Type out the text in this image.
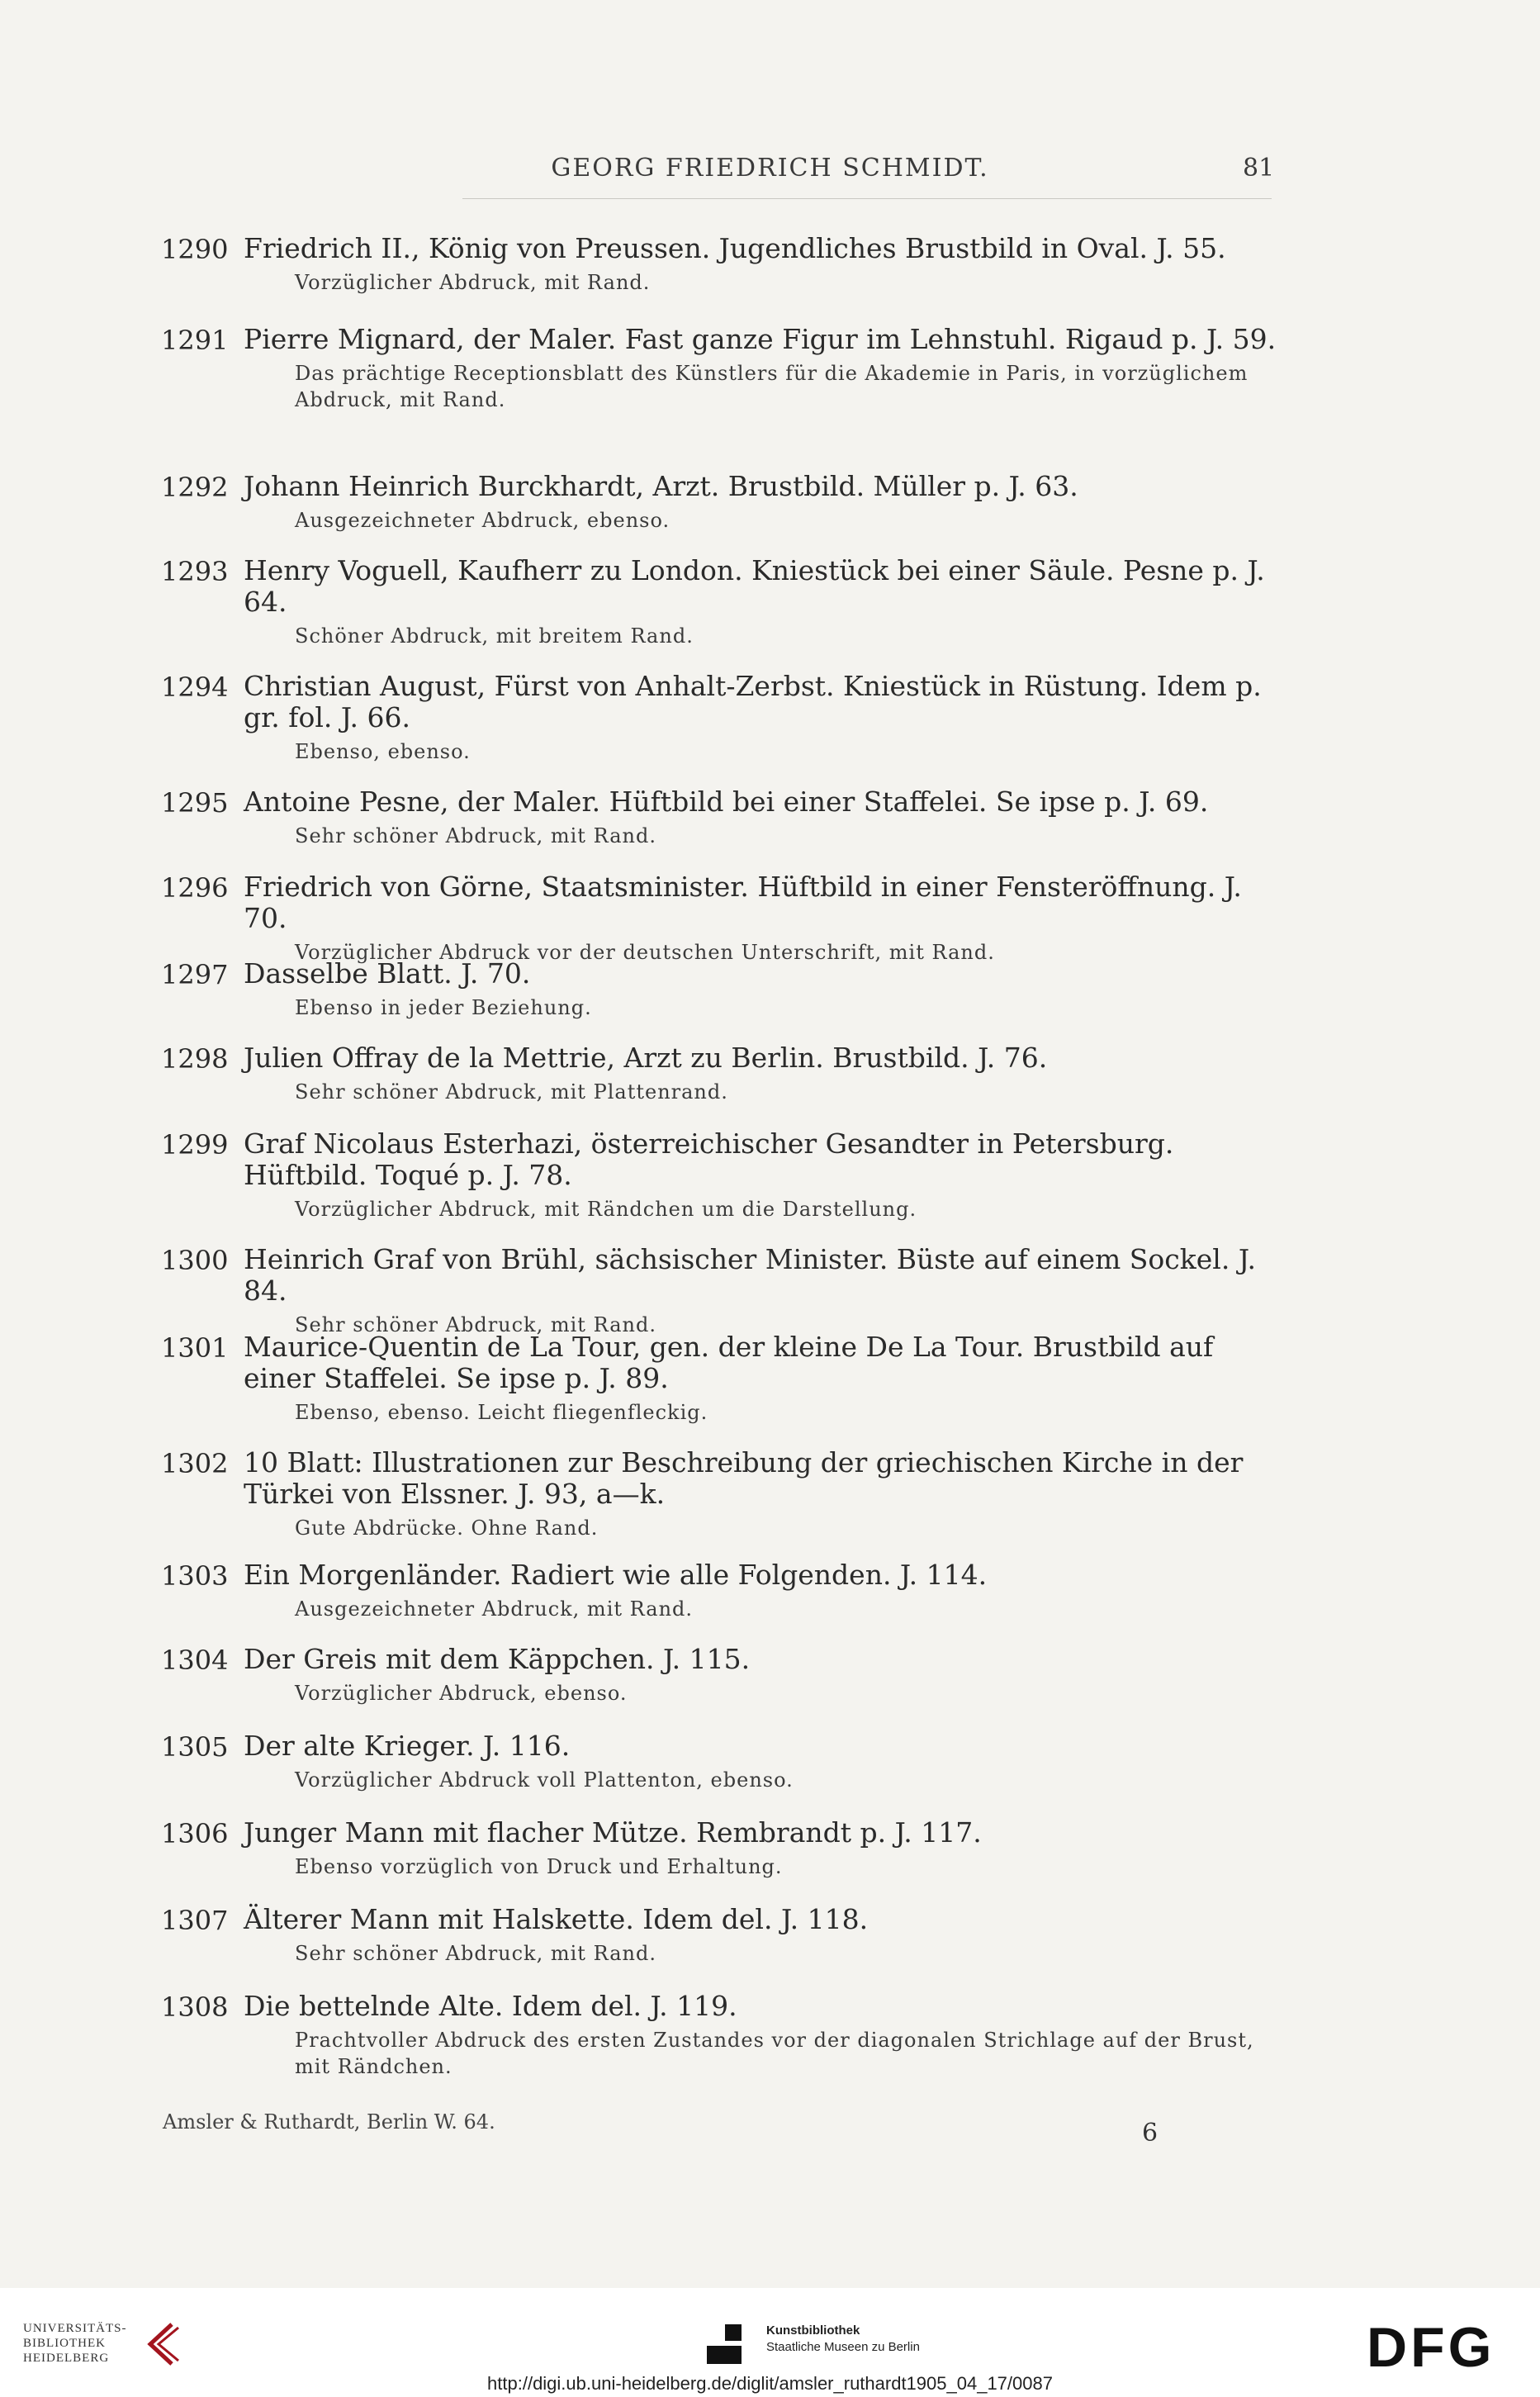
GEORG FRIEDRICH SCHMIDT.	81
1290 Friedrich II., König von Preussen. Jugendliches Brustbild in Oval. J. 55.
Vorzüglicher Abdruck, mit Rand.
1291 Pierre Mignard, der Maler. Fast ganze Figur im Lehnstuhl. Rigaud p. J. 59.
Das prächtige Receptionsblatt des Künstlers für die Akademie in Paris, in vorzüglichem Abdruck, mit Rand.
1292 Johann Heinrich Burckhardt, Arzt. Brustbild. Müller p. J. 63.
Ausgezeichneter Abdruck, ebenso.
1293 Henry Voguell, Kaufherr zu London. Kniestück bei einer Säule. Pesne p. J. 64.
Schöner Abdruck, mit breitem Rand.
1294 Christian August, Fürst von Anhalt-Zerbst. Kniestück in Rüstung. Idem p. gr. fol. J. 66.
Ebenso, ebenso.
1295 Antoine Pesne, der Maler. Hüftbild bei einer Staffelei. Se ipse p. J. 69.
Sehr schöner Abdruck, mit Rand.
1296 Friedrich von Görne, Staatsminister. Hüftbild in einer Fensteröffnung. J. 70.
Vorzüglicher Abdruck vor der deutschen Unterschrift, mit Rand.
1297 Dasselbe Blatt. J. 70.
Ebenso in jeder Beziehung.
1298 Julien Offray de la Mettrie, Arzt zu Berlin. Brustbild. J. 76.
Sehr schöner Abdruck, mit Plattenrand.
1299 Graf Nicolaus Esterhazi, österreichischer Gesandter in Petersburg. Hüftbild. Toqué p. J. 78.
Vorzüglicher Abdruck, mit Rändchen um die Darstellung.
1300 Heinrich Graf von Brühl, sächsischer Minister. Büste auf einem Sockel. J. 84.
Sehr schöner Abdruck, mit Rand.
1301 Maurice-Quentin de La Tour, gen. der kleine De La Tour. Brustbild auf einer Staffelei. Se ipse p. J. 89.
Ebenso, ebenso. Leicht fliegenfleckig.
1302 10 Blatt: Illustrationen zur Beschreibung der griechischen Kirche in der Türkei von Elssner. J. 93, a—k.
Gute Abdrücke. Ohne Rand.
1303 Ein Morgenländer. Radiert wie alle Folgenden. J. 114.
Ausgezeichneter Abdruck, mit Rand.
1304 Der Greis mit dem Käppchen. J. 115.
Vorzüglicher Abdruck, ebenso.
1305 Der alte Krieger. J. 116.
Vorzüglicher Abdruck voll Plattenton, ebenso.
1306 Junger Mann mit flacher Mütze. Rembrandt p. J. 117.
Ebenso vorzüglich von Druck und Erhaltung.
1307 Älterer Mann mit Halskette. Idem del. J. 118.
Sehr schöner Abdruck, mit Rand.
1308 Die bettelnde Alte. Idem del. J. 119.
Prachtvoller Abdruck des ersten Zustandes vor der diagonalen Strichlage auf der Brust, mit Rändchen.
Amsler & Ruthardt, Berlin W. 64.	6
UNIVERSITÄTS-
BIBLIOTHEK
HEIDELBERG
Kunstbibliothek
Staatliche Museen zu Berlin	DFG
http://digi.ub.uni-heidelberg.de/diglit/amsler_ruthardt1905_04_17/0087
